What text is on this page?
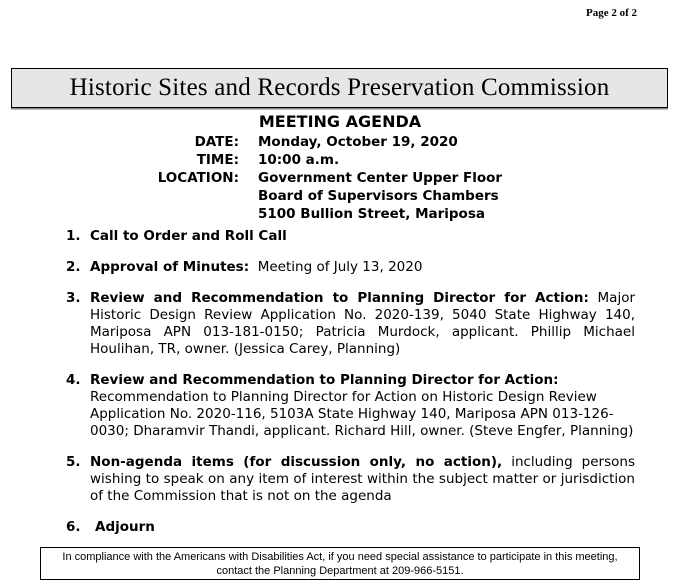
Page 2 of 2
Historic Sites and Records Preservation Commission
MEETING AGENDA
DATE:	Monday, October 19, 2020
TIME:	10:00 a.m.
LOCATION:	Government Center Upper Floor
Board of Supervisors Chambers
5100 Bullion Street, Mariposa
1. Call to Order and Roll Call
2. Approval of Minutes: Meeting of July 13, 2020
3. Review and Recommendation to Planning Director for Action: Major Historic Design Review Application No. 2020-139, 5040 State Highway 140, Mariposa APN 013-181-0150; Patricia Murdock, applicant. Phillip Michael Houlihan, TR, owner. (Jessica Carey, Planning)
4. Review and Recommendation to Planning Director for Action: Recommendation to Planning Director for Action on Historic Design Review Application No. 2020-116, 5103A State Highway 140, Mariposa APN 013-126-0030; Dharamvir Thandi, applicant. Richard Hill, owner. (Steve Engfer, Planning)
5. Non-agenda items (for discussion only, no action), including persons wishing to speak on any item of interest within the subject matter or jurisdiction of the Commission that is not on the agenda
6.	Adjourn
In compliance with the Americans with Disabilities Act, if you need special assistance to participate in this meeting,
contact the Planning Department at 209-966-5151.
